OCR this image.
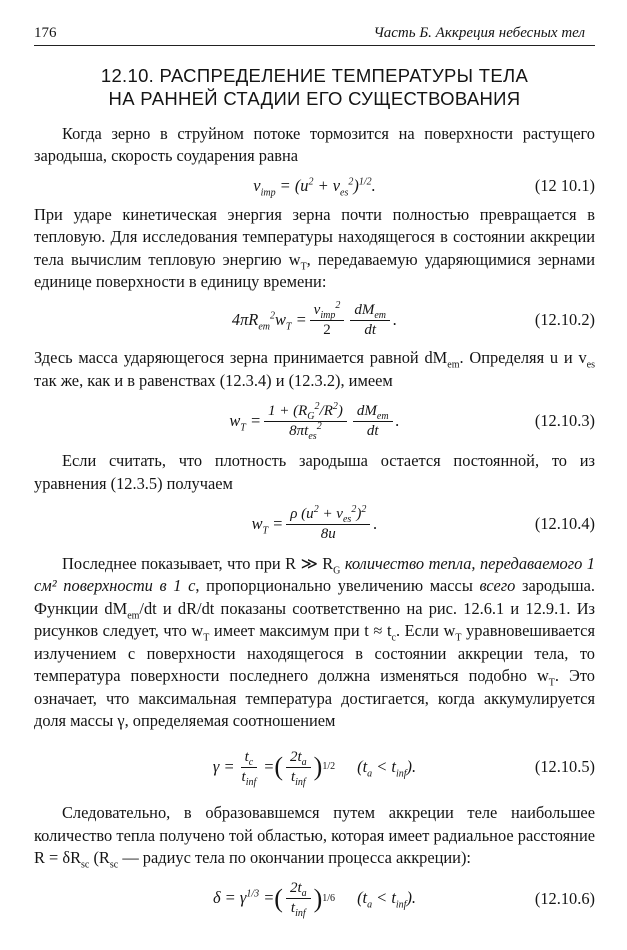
176	Часть Б. Аккреция небесных тел
12.10. РАСПРЕДЕЛЕНИЕ ТЕМПЕРАТУРЫ ТЕЛА
НА РАННЕЙ СТАДИИ ЕГО СУЩЕСТВОВАНИЯ

Когда зерно в струйном потоке тормозится на поверхности растущего зародыша, скорость соударения равна

$v_{imp} = (u^2 + v_{es}^2)^{1/2}$.	(12 10.1)

При ударе кинетическая энергия зерна почти полностью превращается в тепловую. Для исследования температуры находящегося в состоянии аккреции тела вычислим тепловую энергию $w_T$, передаваемую ударяющимися зернами единице поверхности в единицу времени:

$4\pi R_{em}^2w_T = \frac{v_{imp}^2}{2} \frac{dM_{em}}{dt}$ .	(12.10.2)

Здесь масса ударяющегося зерна принимается равной $dM_{em}$. Определяя u и $v_{es}$ так же, как и в равенствах (12.3.4) и (12.3.2), имеем

$w_T = \frac{1 + (R_G^2/R^2)}{8\pi t_{es}^2} \frac{dM_{em}}{dt}$ .	(12.10.3)

Если считать, что плотность зародыша остается постоянной, то из уравнения (12.3.5) получаем

$w_T = \frac{\rho (u^2 + v_{es}^2)^2}{8u}$ .	(12.10.4)

Последнее показывает, что при R ≫ $R_G$ количество тепла, передаваемого 1 см² поверхности в 1 с, пропорционально увеличению массы всего зародыша. Функции $dM_{em}/dt$ и dR/dt показаны соответственно на рис. 12.6.1 и 12.9.1. Из рисунков следует, что $w_T$ имеет максимум при $t \approx t_c$. Если $w_T$ уравновешивается излучением с поверхности находящегося в состоянии аккреции тела, то температура поверхности последнего должна изменяться подобно $w_T$. Это означает, что максимальная температура достигается, когда аккумулируется доля массы γ, определяемая соотношением

$\gamma = \frac{t_c}{t_{inf}}$ = ( $\frac{2t_a}{t_{inf}}$ ) 1/2 $(t_a < t_{inf})$.	(12.10.5)

Следовательно, в образовавшемся путем аккреции теле наибольшее количество тепла получено той областью, которая имеет радиальное расстояние $R = \delta R_{sc}$ ($R_{sc}$ — радиус тела по окончании процесса аккреции):

$\delta = \gamma^{1/3}$ = ( $\frac{2t_a}{t_{inf}}$ ) 1/6 $(t_a < t_{inf})$.	(12.10.6)
